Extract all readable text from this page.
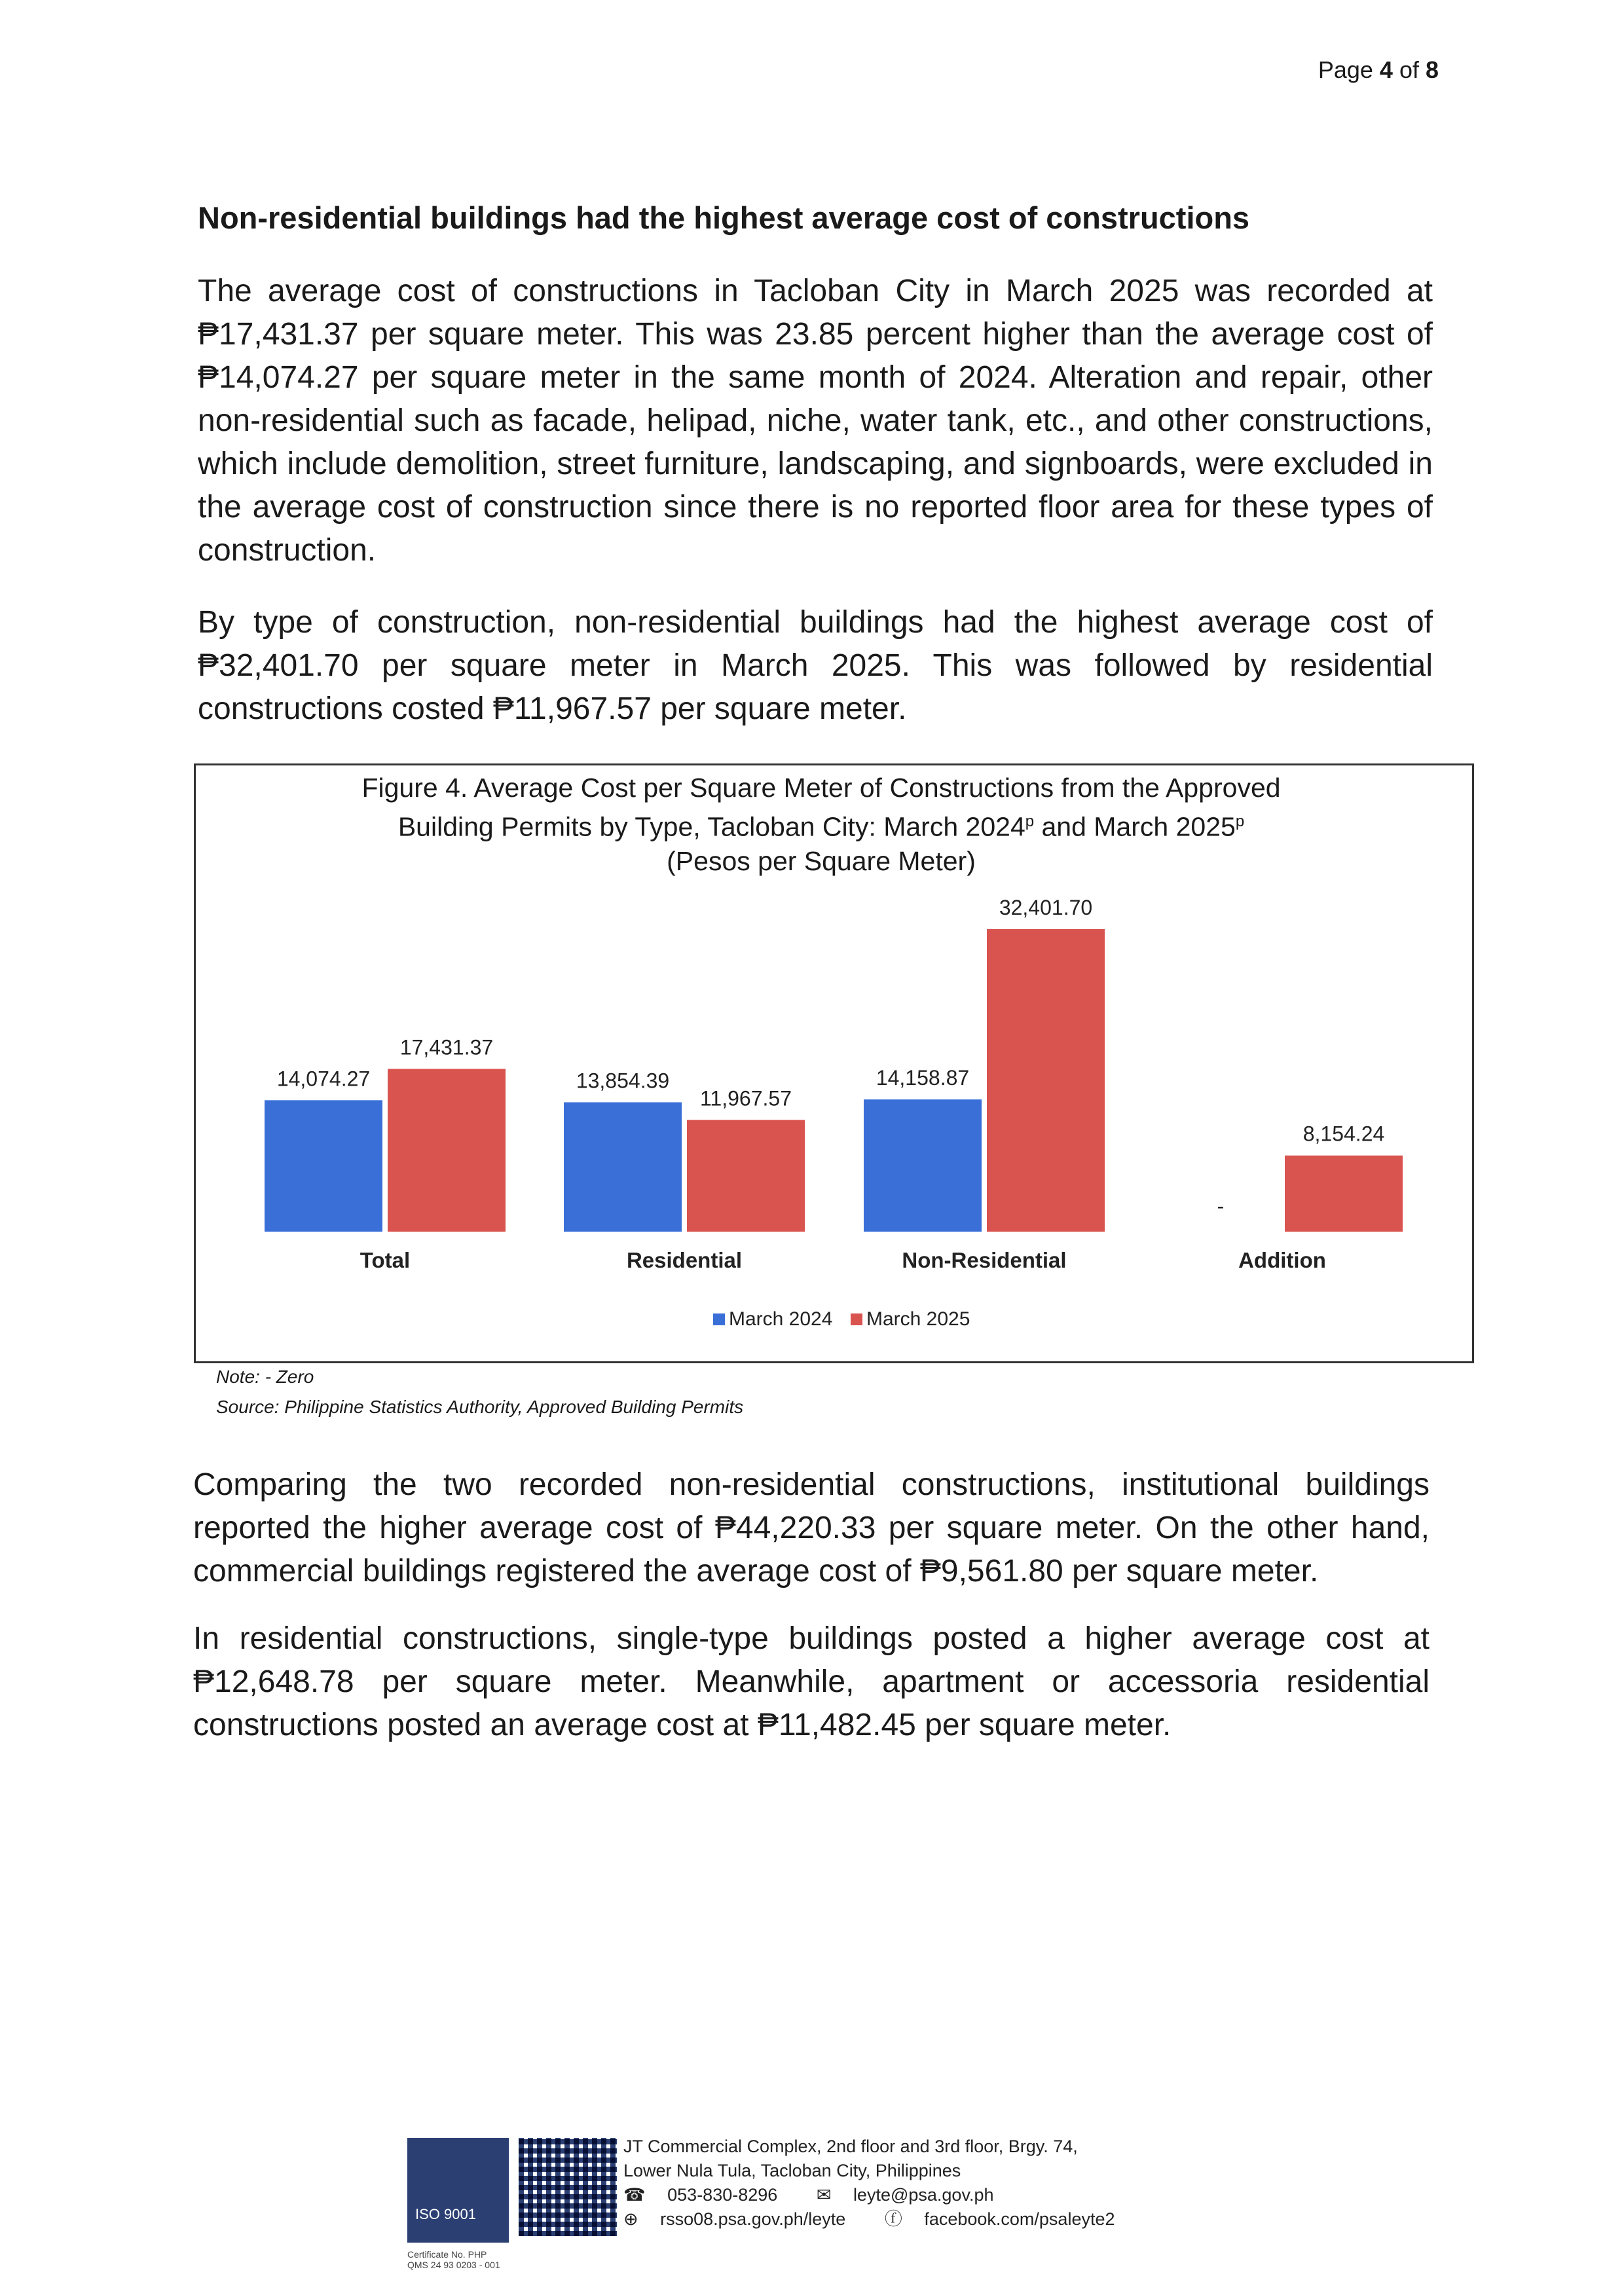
Page 4 of 8
Non-residential buildings had the highest average cost of constructions

The average cost of constructions in Tacloban City in March 2025 was recorded at ₱17,431.37 per square meter. This was 23.85 percent higher than the average cost of ₱14,074.27 per square meter in the same month of 2024. Alteration and repair, other non-residential such as facade, helipad, niche, water tank, etc., and other constructions, which include demolition, street furniture, landscaping, and signboards, were excluded in the average cost of construction since there is no reported floor area for these types of construction.

By type of construction, non-residential buildings had the highest average cost of ₱32,401.70 per square meter in March 2025. This was followed by residential constructions costed ₱11,967.57 per square meter.

Figure 4. Average Cost per Square Meter of Constructions from the Approved
Building Permits by Type, Tacloban City: March 2024$^p$ and March 2025$^p$
(Pesos per Square Meter)
14,074.27
17,431.37
Total
13,854.39
11,967.57
Residential
14,158.87
32,401.70
Non-Residential
-
8,154.24
Addition
March 2024 March 2025
Note: - Zero
Source: Philippine Statistics Authority, Approved Building Permits

Comparing the two recorded non-residential constructions, institutional buildings reported the higher average cost of ₱44,220.33 per square meter. On the other hand, commercial buildings registered the average cost of ₱9,561.80 per square meter.

In residential constructions, single-type buildings posted a higher average cost at ₱12,648.78 per square meter. Meanwhile, apartment or accessoria residential constructions posted an average cost at ₱11,482.45 per square meter.

ISO 9001
Certificate No. PHP
QMS 24 93 0203 - 001
JT Commercial Complex, 2nd floor and 3rd floor, Brgy. 74,
Lower Nula Tula, Tacloban City, Philippines
☎ 053-830-8296 ✉ leyte@psa.gov.ph
⊕ rsso08.psa.gov.ph/leyte ⓕ facebook.com/psaleyte2
